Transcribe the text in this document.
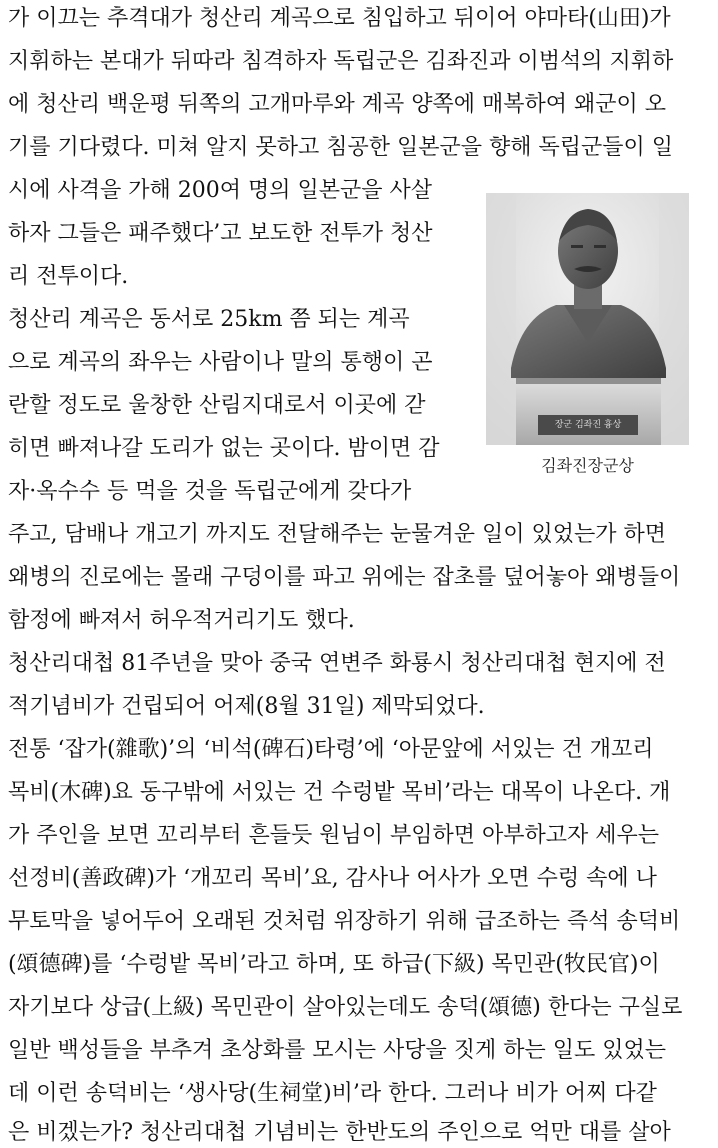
가 이끄는 추격대가 청산리 계곡으로 침입하고 뒤이어 야마타(山田)가
지휘하는 본대가 뒤따라 침격하자 독립군은 김좌진과 이범석의 지휘하
에 청산리 백운평 뒤쪽의 고개마루와 계곡 양쪽에 매복하여 왜군이 오
기를 기다렸다. 미쳐 알지 못하고 침공한 일본군을 향해 독립군들이 일
시에 사격을 가해 200여 명의 일본군을 사살
하자 그들은 패주했다’고 보도한 전투가 청산
리 전투이다.
청산리 계곡은 동서로 25km 쯤 되는 계곡
으로 계곡의 좌우는 사람이나 말의 통행이 곤
란할 정도로 울창한 산림지대로서 이곳에 갇
히면 빠져나갈 도리가 없는 곳이다. 밤이면 감
자·옥수수 등 먹을 것을 독립군에게 갖다가
주고, 담배나 개고기 까지도 전달해주는 눈물겨운 일이 있었는가 하면
왜병의 진로에는 몰래 구덩이를 파고 위에는 잡초를 덮어놓아 왜병들이
함정에 빠져서 허우적거리기도 했다.
청산리대첩 81주년을 맞아 중국 연변주 화룡시 청산리대첩 현지에 전
적기념비가 건립되어 어제(8월 31일) 제막되었다.
전통 ‘잡가(雜歌)’의 ‘비석(碑石)타령’에 ‘아문앞에 서있는 건 개꼬리
목비(木碑)요 동구밖에 서있는 건 수렁밭 목비’라는 대목이 나온다. 개
가 주인을 보면 꼬리부터 흔들듯 원님이 부임하면 아부하고자 세우는
선정비(善政碑)가 ‘개꼬리 목비’요, 감사나 어사가 오면 수렁 속에 나
무토막을 넣어두어 오래된 것처럼 위장하기 위해 급조하는 즉석 송덕비
(頌德碑)를 ‘수렁밭 목비’라고 하며, 또 하급(下級) 목민관(牧民官)이
자기보다 상급(上級) 목민관이 살아있는데도 송덕(頌德) 한다는 구실로
일반 백성들을 부추겨 초상화를 모시는 사당을 짓게 하는 일도 있었는
데 이런 송덕비는 ‘생사당(生祠堂)비’라 한다. 그러나 비가 어찌 다같
은 비겠는가? 청산리대첩 기념비는 한반도의 주인으로 억만 대를 살아
장군 김좌진 흉상
김좌진장군상
